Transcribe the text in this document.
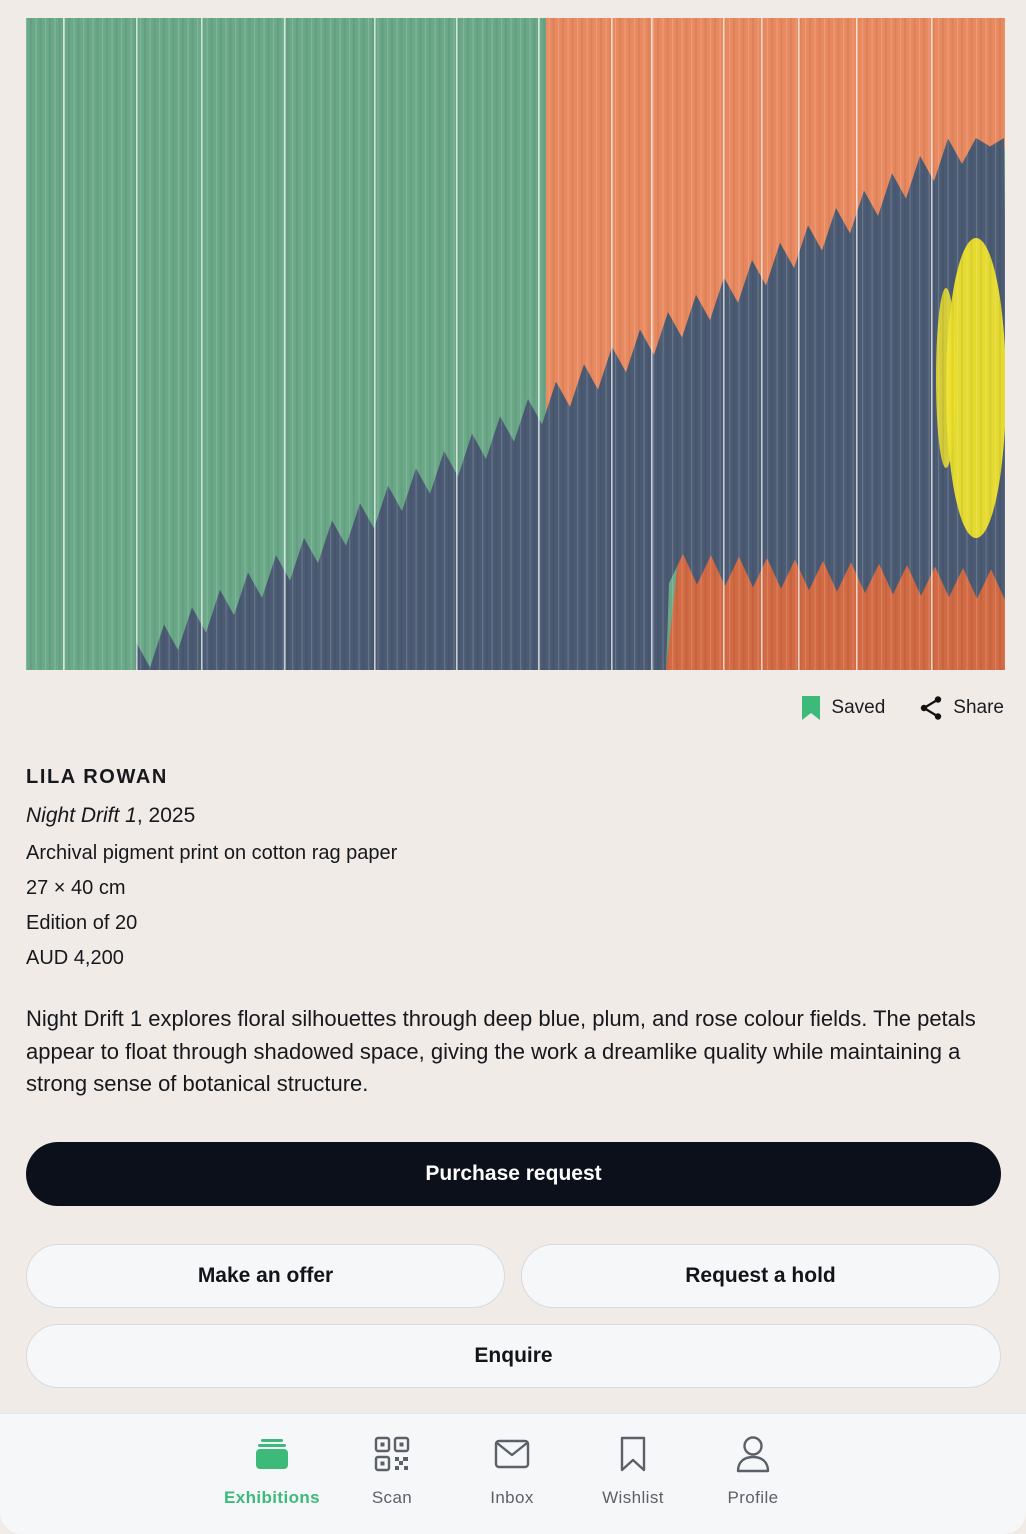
Saved	Share
LILA ROWAN
Night Drift 1, 2025
Archival pigment print on cotton rag paper
27 × 40 cm
Edition of 20
AUD 4,200
Night Drift 1 explores floral silhouettes through deep blue, plum, and rose colour fields. The petals appear to float through shadowed space, giving the work a dreamlike quality while maintaining a strong sense of botanical structure.
Purchase request
Make an offer	Request a hold
Enquire
Exhibitions	Scan	Inbox	Wishlist	Profile
